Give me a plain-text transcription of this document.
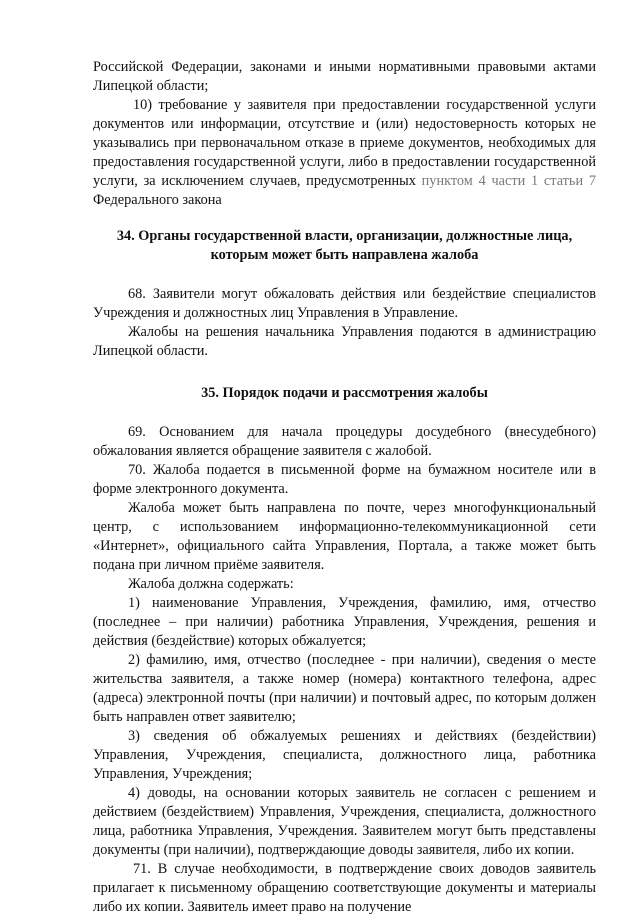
Российской Федерации, законами и иными нормативными правовыми актами Липецкой области;

10) требование у заявителя при предоставлении государственной услуги документов или информации, отсутствие и (или) недостоверность которых не указывались при первоначальном отказе в приеме документов, необходимых для предоставления государственной услуги, либо в предоставлении государственной услуги, за исключением случаев, предусмотренных пунктом 4 части 1 статьи 7 Федерального закона

34. Органы государственной власти, организации, должностные лица, которым может быть направлена жалоба

68. Заявители могут обжаловать действия или бездействие специалистов Учреждения и должностных лиц Управления в Управление.

Жалобы на решения начальника Управления подаются в администрацию Липецкой области.

35. Порядок подачи и рассмотрения жалобы

69. Основанием для начала процедуры досудебного (внесудебного) обжалования является обращение заявителя с жалобой.

70. Жалоба подается в письменной форме на бумажном носителе или в форме электронного документа.

Жалоба может быть направлена по почте, через многофункциональный центр, с использованием информационно-телекоммуникационной сети «Интернет», официального сайта Управления, Портала, а также может быть подана при личном приёме заявителя.

Жалоба должна содержать:

1) наименование Управления, Учреждения, фамилию, имя, отчество (последнее – при наличии) работника Управления, Учреждения, решения и действия (бездействие) которых обжалуется;

2) фамилию, имя, отчество (последнее - при наличии), сведения о месте жительства заявителя, а также номер (номера) контактного телефона, адрес (адреса) электронной почты (при наличии) и почтовый адрес, по которым должен быть направлен ответ заявителю;

3) сведения об обжалуемых решениях и действиях (бездействии) Управления, Учреждения, специалиста, должностного лица, работника Управления, Учреждения;

4) доводы, на основании которых заявитель не согласен с решением и действием (бездействием) Управления, Учреждения, специалиста, должностного лица, работника Управления, Учреждения. Заявителем могут быть представлены документы (при наличии), подтверждающие доводы заявителя, либо их копии.

71. В случае необходимости, в подтверждение своих доводов заявитель прилагает к письменному обращению соответствующие документы и материалы либо их копии. Заявитель имеет право на получение
